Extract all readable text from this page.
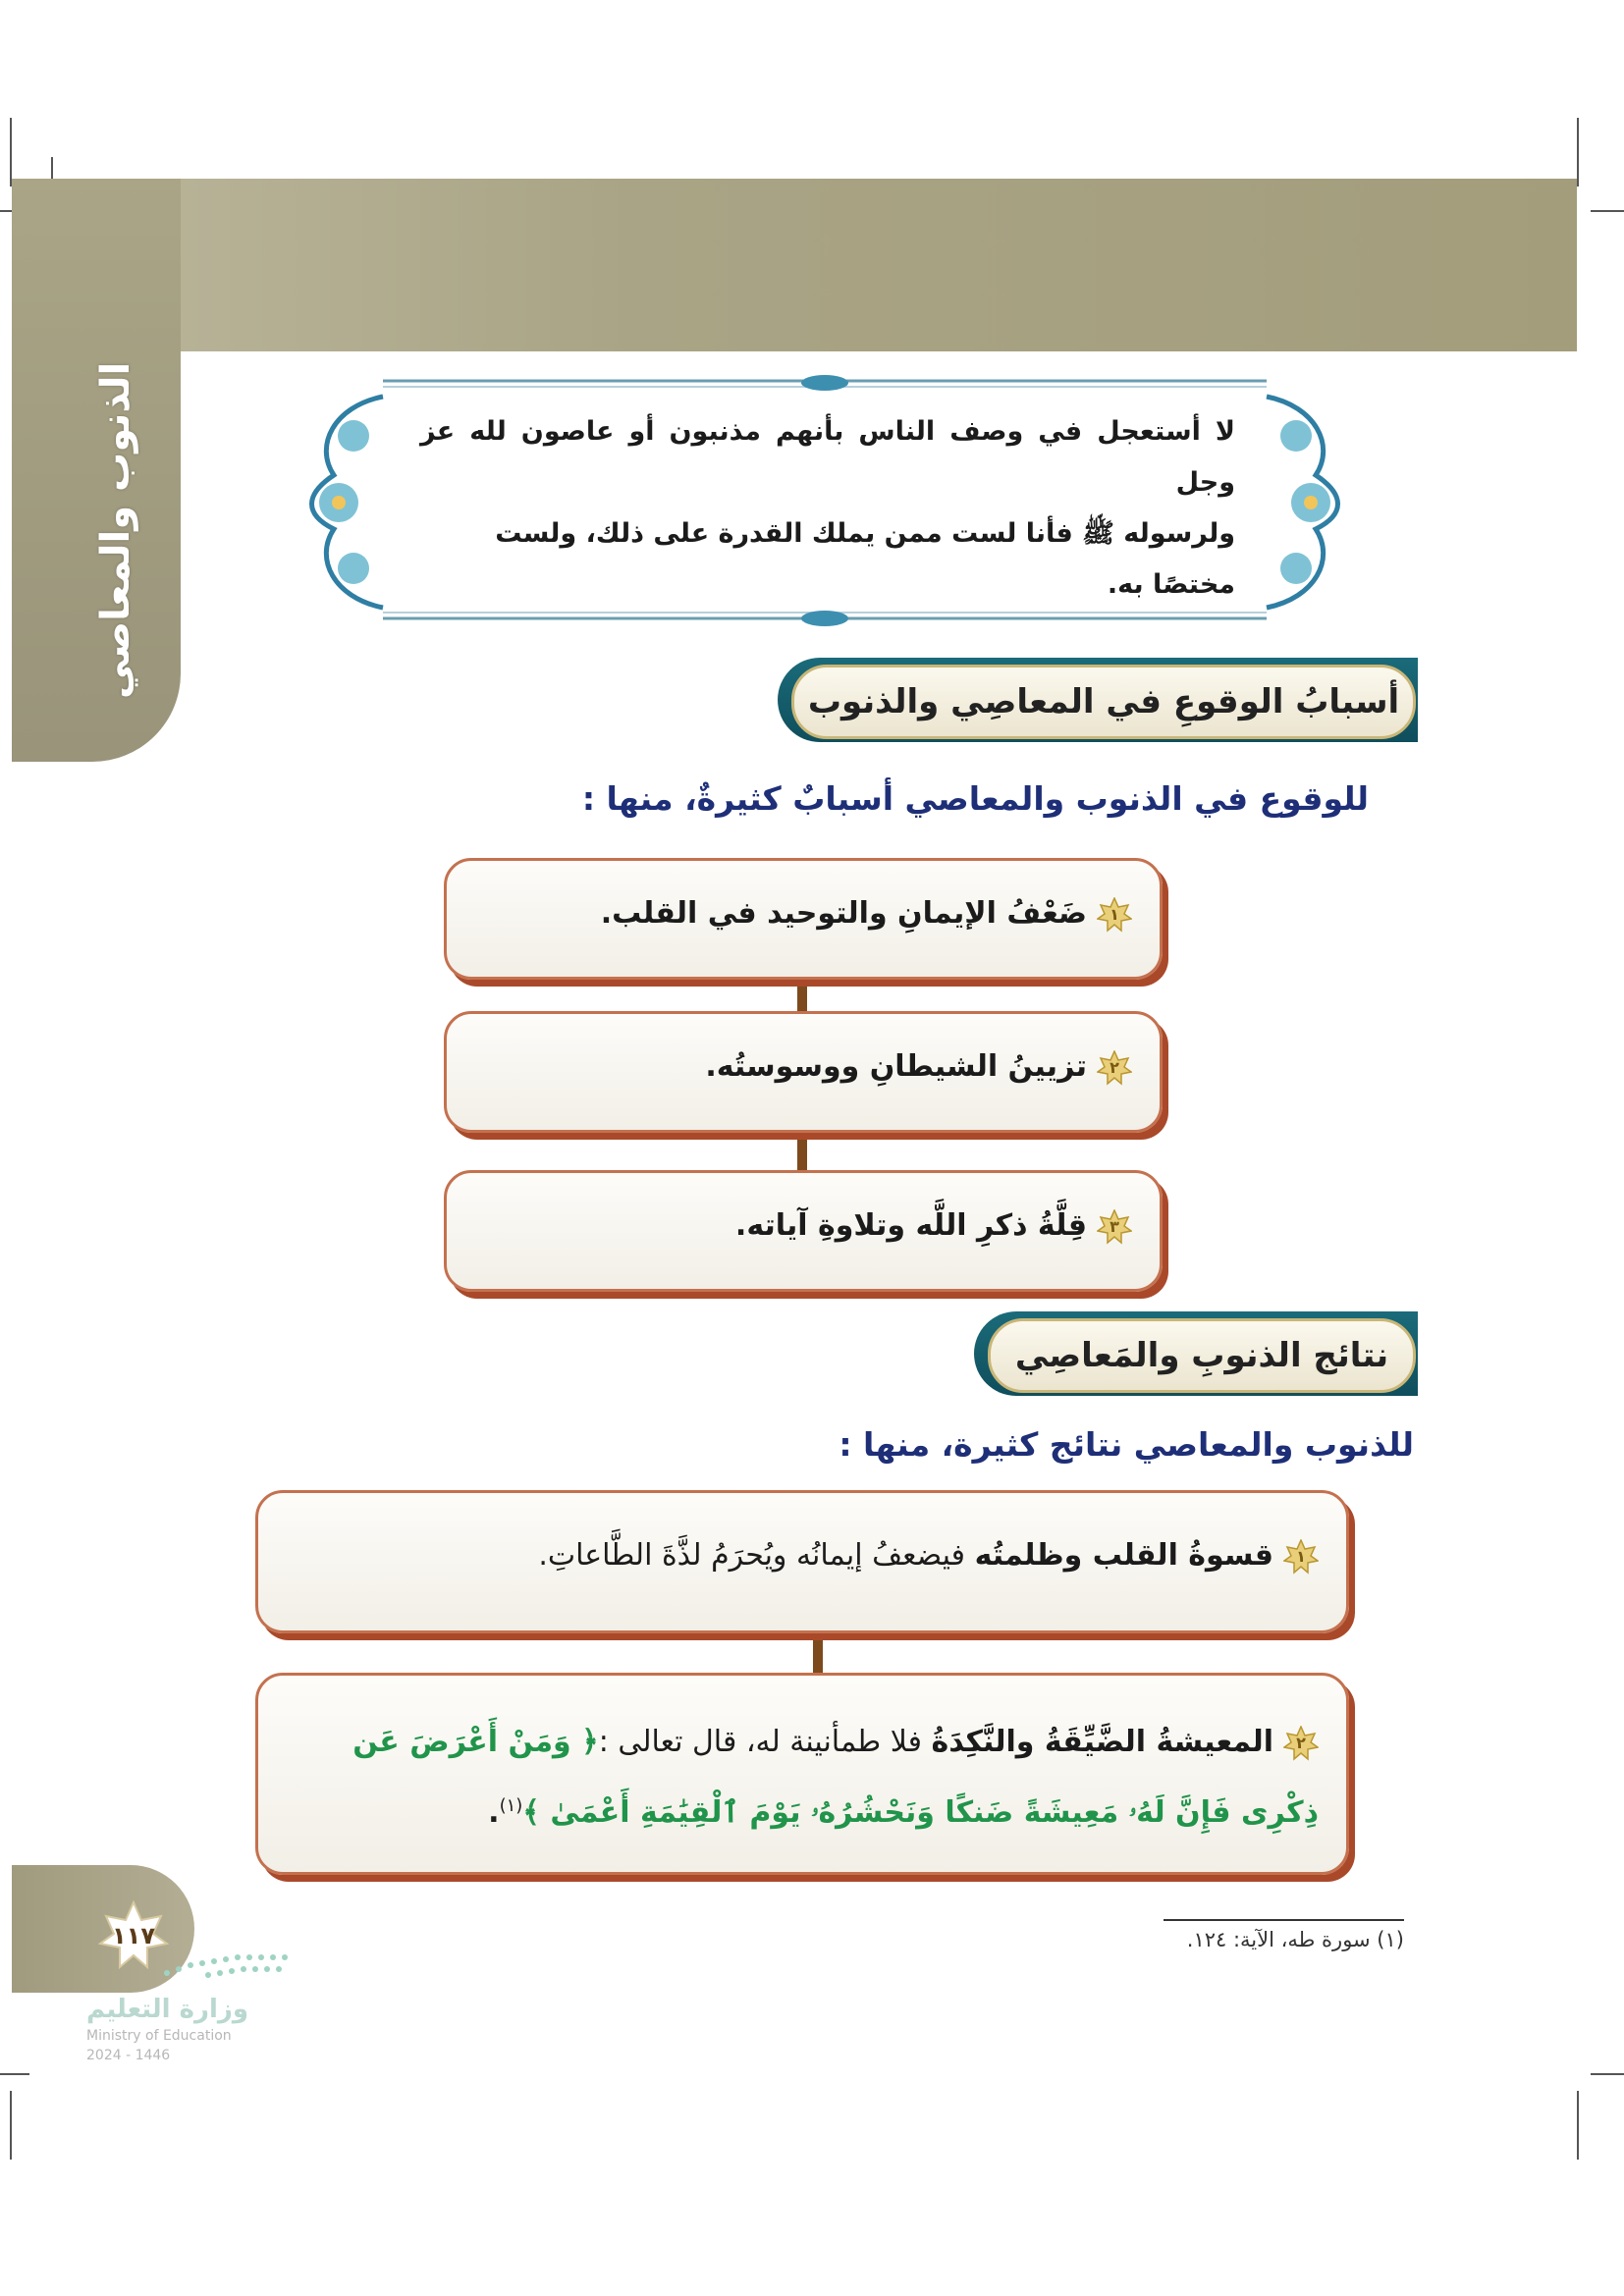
الذنوب والمعاصي	لا أستعجل في وصف الناس بأنهم مذنبون أو عاصون لله عز وجل
ولرسوله ﷺ فأنا لست ممن يملك القدرة على ذلك، ولست
مختصًا به.
أسبابُ الوقوعِ في المعاصِي والذنوب
للوقوع في الذنوب والمعاصي أسبابٌ كثيرةٌ، منها :
١
ضَعْفُ الإيمانِ والتوحيد في القلب.
٢
تزيينُ الشيطانِ ووسوستُه.
٣
قِلَّةُ ذكرِ اللَّه وتلاوةِ آياته.
نتائج الذنوبِ والمَعاصِي
للذنوب والمعاصي نتائج كثيرة، منها :
١
قسوةُ القلب وظلمتُه فيضعفُ إيمانُه ويُحرَمُ لذَّةَ الطَّاعاتِ.
٢
المعيشةُ الضَّيِّقَةُ والنَّكِدَةُ فلا طمأنينة له، قال تعالى :﴿ وَمَنْ أَعْرَضَ عَن
ذِكْرِى فَإِنَّ لَهُۥ مَعِيشَةً ضَنكًا وَنَحْشُرُهُۥ يَوْمَ ٱلْقِيَٰمَةِ أَعْمَىٰ ﴾$^{(١)}$.
(١) سورة طه، الآية: ١٢٤.
١١٧
وزارة التعليم
Ministry of Education
2024 - 1446
